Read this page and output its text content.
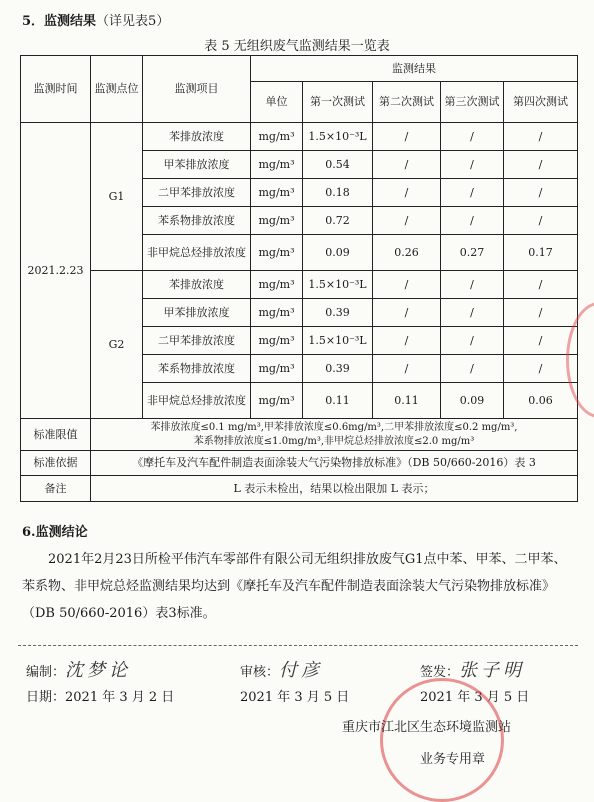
5．监测结果（详见表5）
表 5 无组织废气监测结果一览表
监测时间	监测点位	监测项目	监测结果				
			单位	第一次测试	第二次测试	第三次测试	第四次测试
2021.2.23	G1	苯排放浓度	mg/m³	1.5×10⁻³L	/	/	/
		甲苯排放浓度	mg/m³	0.54	/	/	/
		二甲苯排放浓度	mg/m³	0.18	/	/	/
		苯系物排放浓度	mg/m³	0.72	/	/	/
		非甲烷总烃排放浓度	mg/m³	0.09	0.26	0.27	0.17
	G2	苯排放浓度	mg/m³	1.5×10⁻³L	/	/	/
		甲苯排放浓度	mg/m³	0.39	/	/	/
		二甲苯排放浓度	mg/m³	1.5×10⁻³L	/	/	/
		苯系物排放浓度	mg/m³	0.39	/	/	/
		非甲烷总烃排放浓度	mg/m³	0.11	0.11	0.09	0.06
标准限值	苯排放浓度≤0.1 mg/m³,甲苯排放浓度≤0.6mg/m³,二甲苯排放浓度≤0.2 mg/m³,
苯系物排放浓度≤1.0mg/m³,非甲烷总烃排放浓度≤2.0 mg/m³						

标准依据	《摩托车及汽车配件制造表面涂装大气污染物排放标准》（DB 50/660-2016）表 3						
备注	L 表示未检出，结果以检出限加 L 表示；						
6.监测结论
2021年2月23日所检平伟汽车零部件有限公司无组织排放废气G1点中苯、甲苯、二甲苯、苯系物、非甲烷总烃监测结果均达到《摩托车及汽车配件制造表面涂装大气污染物排放标准》（DB 50/660-2016）表3标准。
编制：沈梦论	审核：付彦	签发：张子明
日期：2021 年 3 月 2 日	2021 年 3 月 5 日	2021 年 3 月 5 日
重庆市江北区生态环境监测站
业务专用章
